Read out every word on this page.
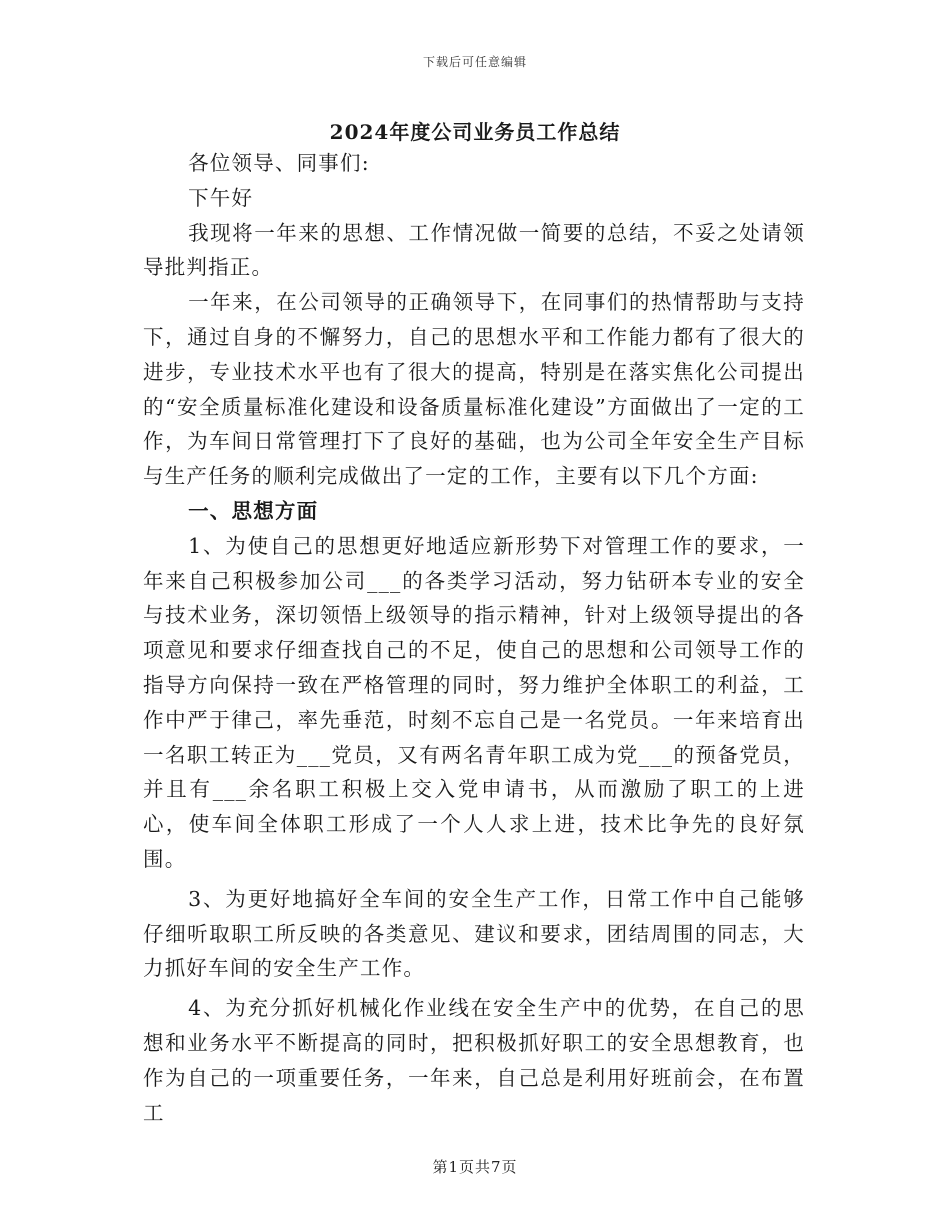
下载后可任意编辑
2024年度公司业务员工作总结

各位领导、同事们:

下午好

我现将一年来的思想、工作情况做一简要的总结，不妥之处请领导批判指正。

一年来，在公司领导的正确领导下，在同事们的热情帮助与支持下，通过自身的不懈努力，自己的思想水平和工作能力都有了很大的进步，专业技术水平也有了很大的提高，特别是在落实焦化公司提出的“安全质量标准化建设和设备质量标准化建设”方面做出了一定的工作，为车间日常管理打下了良好的基础，也为公司全年安全生产目标与生产任务的顺利完成做出了一定的工作，主要有以下几个方面:

一、思想方面

1、为使自己的思想更好地适应新形势下对管理工作的要求，一年来自己积极参加公司___的各类学习活动，努力钻研本专业的安全与技术业务，深切领悟上级领导的指示精神，针对上级领导提出的各项意见和要求仔细查找自己的不足，使自己的思想和公司领导工作的指导方向保持一致在严格管理的同时，努力维护全体职工的利益，工作中严于律己，率先垂范，时刻不忘自己是一名党员。一年来培育出一名职工转正为___党员，又有两名青年职工成为党___的预备党员，并且有___余名职工积极上交入党申请书，从而激励了职工的上进心，使车间全体职工形成了一个人人求上进，技术比争先的良好氛围。

3、为更好地搞好全车间的安全生产工作，日常工作中自己能够仔细听取职工所反映的各类意见、建议和要求，团结周围的同志，大力抓好车间的安全生产工作。

4、为充分抓好机械化作业线在安全生产中的优势，在自己的思想和业务水平不断提高的同时，把积极抓好职工的安全思想教育，也作为自己的一项重要任务，一年来，自己总是利用好班前会，在布置工

第1页共7页
